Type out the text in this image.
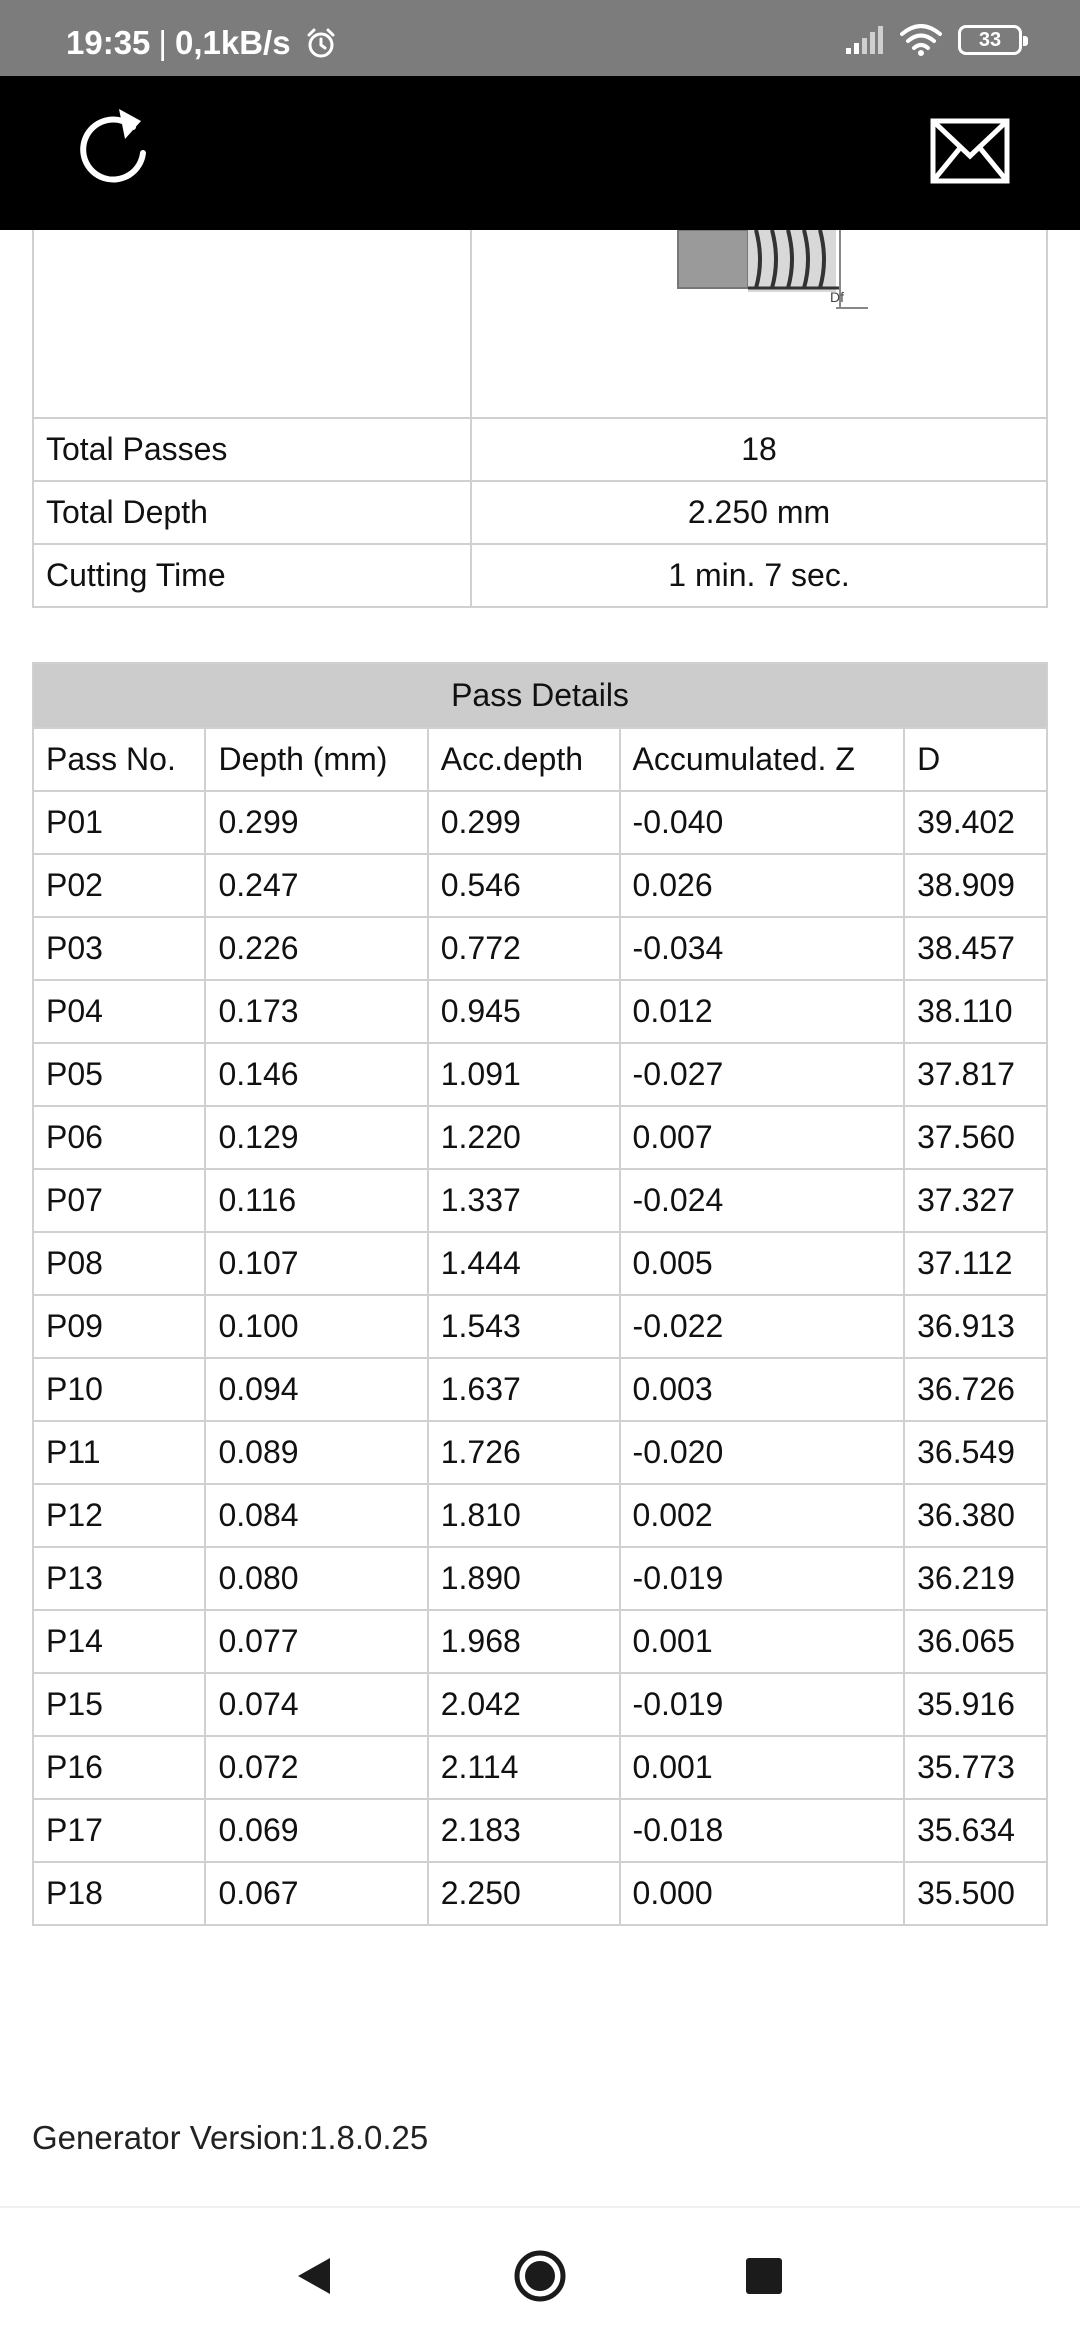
19:35 | 0,1kB/s	33

Df

Total Passes	18
Total Depth	2.250 mm
Cutting Time	1 min. 7 sec.
Pass Details				
Pass No.	Depth (mm)	Acc.depth	Accumulated. Z	D
P01	0.299	0.299	-0.040	39.402
P02	0.247	0.546	0.026	38.909
P03	0.226	0.772	-0.034	38.457
P04	0.173	0.945	0.012	38.110
P05	0.146	1.091	-0.027	37.817
P06	0.129	1.220	0.007	37.560
P07	0.116	1.337	-0.024	37.327
P08	0.107	1.444	0.005	37.112
P09	0.100	1.543	-0.022	36.913
P10	0.094	1.637	0.003	36.726
P11	0.089	1.726	-0.020	36.549
P12	0.084	1.810	0.002	36.380
P13	0.080	1.890	-0.019	36.219
P14	0.077	1.968	0.001	36.065
P15	0.074	2.042	-0.019	35.916
P16	0.072	2.114	0.001	35.773
P17	0.069	2.183	-0.018	35.634
P18	0.067	2.250	0.000	35.500
Generator Version:1.8.0.25
